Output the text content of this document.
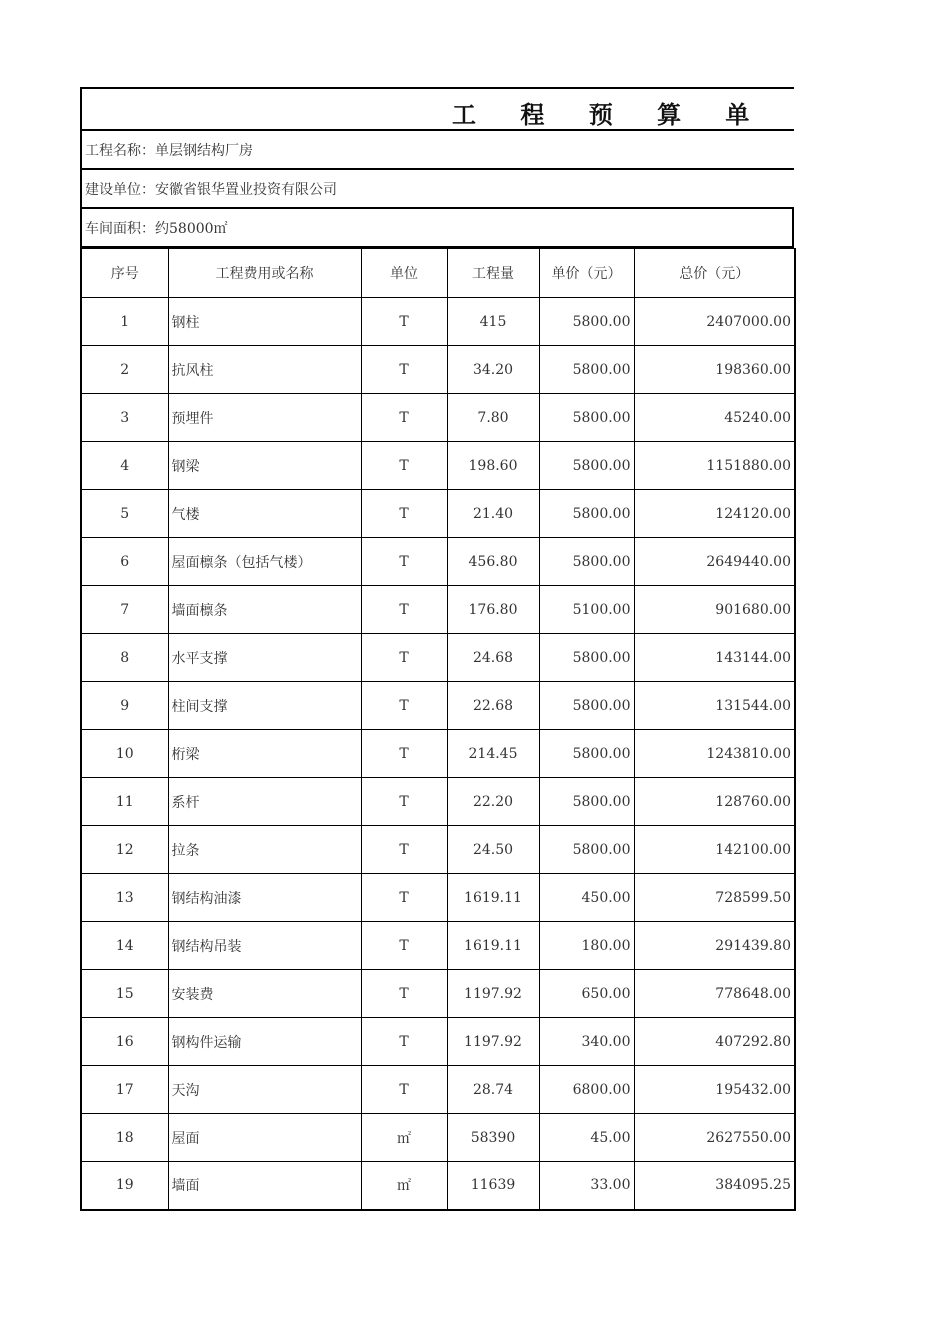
工 程 预 算 单
工程名称：单层钢结构厂房
建设单位：安徽省银华置业投资有限公司
车间面积：约58000㎡
序号	工程费用或名称	单位	工程量	单价（元）	总价（元）
1	钢柱	T	415	5800.00	2407000.00
2	抗风柱	T	34.20	5800.00	198360.00
3	预埋件	T	7.80	5800.00	45240.00
4	钢梁	T	198.60	5800.00	1151880.00
5	气楼	T	21.40	5800.00	124120.00
6	屋面檩条（包括气楼）	T	456.80	5800.00	2649440.00
7	墙面檩条	T	176.80	5100.00	901680.00
8	水平支撑	T	24.68	5800.00	143144.00
9	柱间支撑	T	22.68	5800.00	131544.00
10	桁梁	T	214.45	5800.00	1243810.00
11	系杆	T	22.20	5800.00	128760.00
12	拉条	T	24.50	5800.00	142100.00
13	钢结构油漆	T	1619.11	450.00	728599.50
14	钢结构吊装	T	1619.11	180.00	291439.80
15	安装费	T	1197.92	650.00	778648.00
16	钢构件运输	T	1197.92	340.00	407292.80
17	天沟	T	28.74	6800.00	195432.00
18	屋面	㎡	58390	45.00	2627550.00
19	墙面	㎡	11639	33.00	384095.25
